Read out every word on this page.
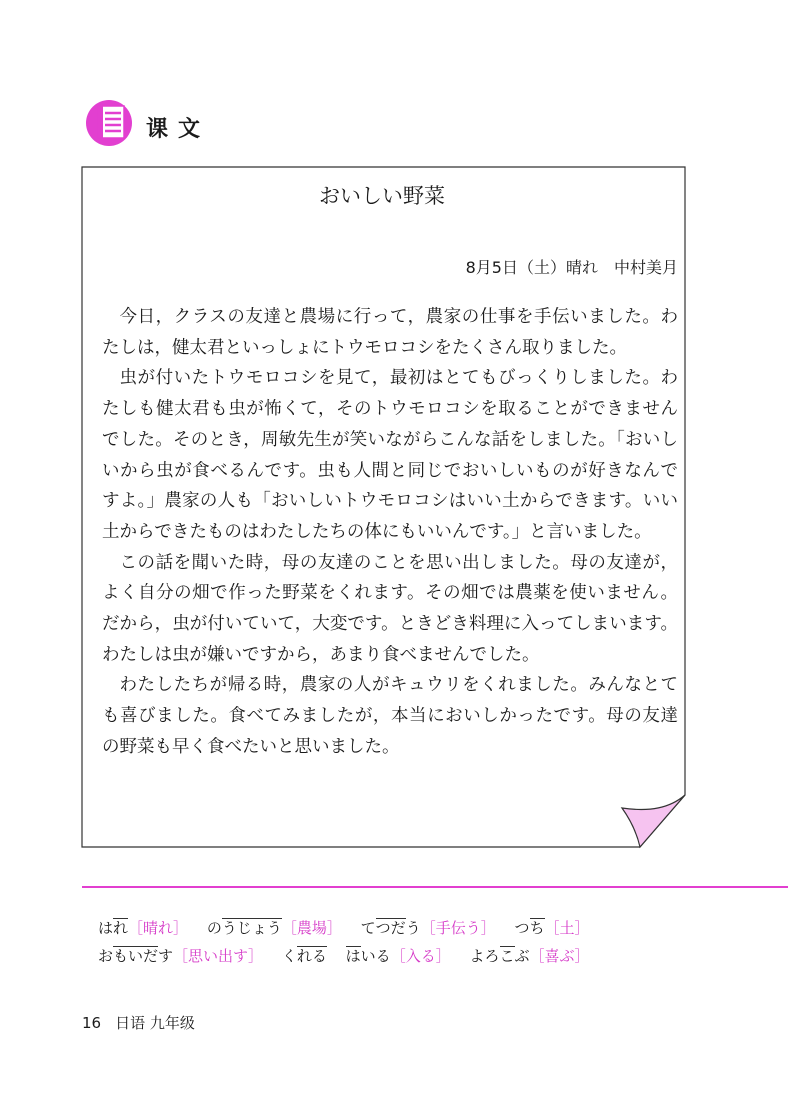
课文
おいしい野菜
8月5日（土）晴れ　中村美月

今日，クラスの友達と農場に行って，農家の仕事を手伝いました。わたしは，健太君といっしょにトウモロコシをたくさん取りました。

虫が付いたトウモロコシを見て，最初はとてもびっくりしました。わたしも健太君も虫が怖くて，そのトウモロコシを取ることができませんでした。そのとき，周敏先生が笑いながらこんな話をしました。「おいしいから虫が食べるんです。虫も人間と同じでおいしいものが好きなんですよ。」農家の人も「おいしいトウモロコシはいい土からできます。いい土からできたものはわたしたちの体にもいいんです。」と言いました。

この話を聞いた時，母の友達のことを思い出しました。母の友達が，よく自分の畑で作った野菜をくれます。その畑では農薬を使いません。だから，虫が付いていて，大変です。ときどき料理に入ってしまいます。わたしは虫が嫌いですから，あまり食べませんでした。

わたしたちが帰る時，農家の人がキュウリをくれました。みんなとても喜びました。食べてみましたが，本当においしかったです。母の友達の野菜も早く食べたいと思いました。

はれ［晴れ］ のうじょう［農場］ てつだう［手伝う］ つち［土］
おもいだす［思い出す］ くれる はいる［入る］ よろこぶ［喜ぶ］
16 日语 九年级
